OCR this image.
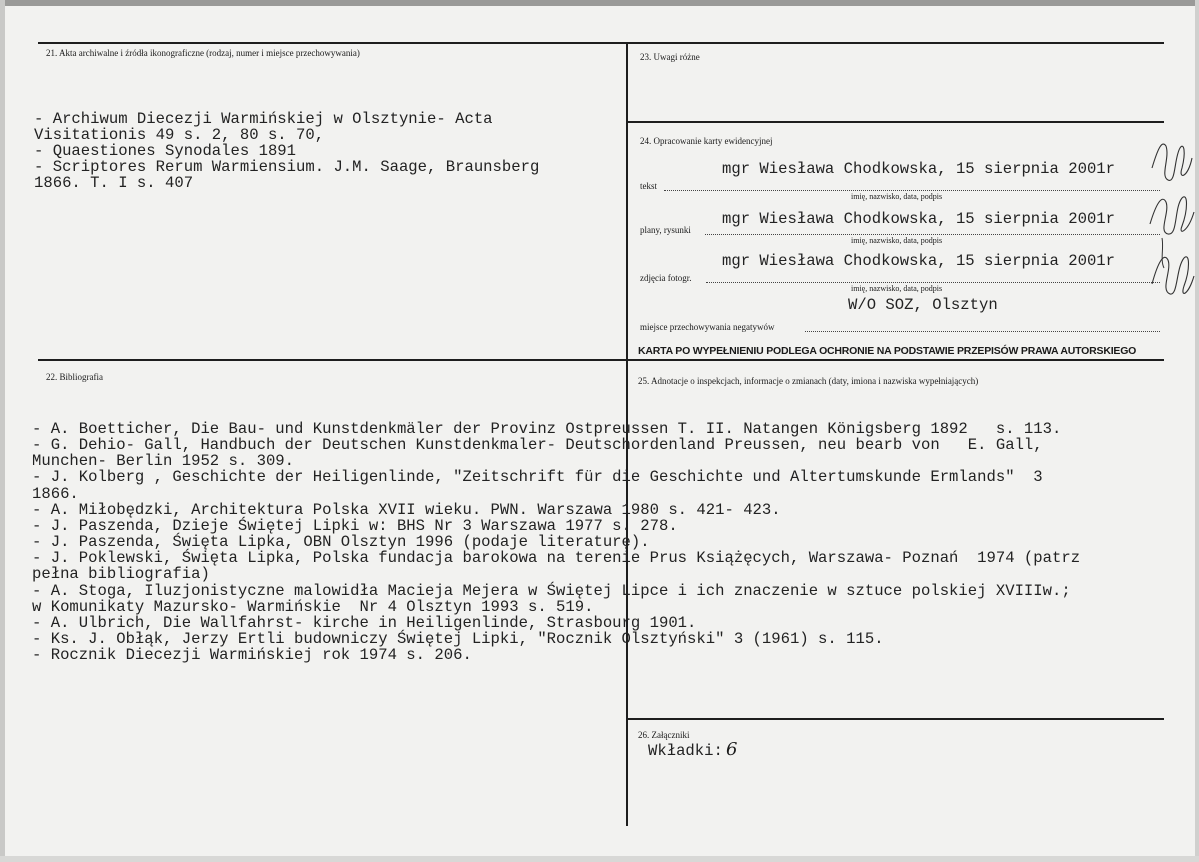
21. Akta archiwalne i źródła ikonograficzne (rodzaj, numer i miejsce przechowywania)
- Archiwum Diecezji Warmińskiej w Olsztynie- Acta
Visitationis 49 s. 2, 80 s. 70,
- Quaestiones Synodales 1891
- Scriptores Rerum Warmiensium. J.M. Saage, Braunsberg
1866. T. I s. 407
23. Uwagi różne
24. Opracowanie karty ewidencyjnej
mgr Wiesława Chodkowska, 15 sierpnia 2001r
tekst
imię, nazwisko, data, podpis
mgr Wiesława Chodkowska, 15 sierpnia 2001r
plany, rysunki
imię, nazwisko, data, podpis
mgr Wiesława Chodkowska, 15 sierpnia 2001r
zdjęcia fotogr.
imię, nazwisko, data, podpis
W/O SOZ, Olsztyn
miejsce przechowywania negatywów
KARTA PO WYPEŁNIENIU PODLEGA OCHRONIE NA PODSTAWIE PRZEPISÓW PRAWA AUTORSKIEGO
22. Bibliografia
- A. Boetticher, Die Bau- und Kunstdenkmäler der Provinz Ostpreussen T. II. Natangen Königsberg 1892   s. 113.
- G. Dehio- Gall, Handbuch der Deutschen Kunstdenkmaler- Deutschordenland Preussen, neu bearb von   E. Gall,
Munchen- Berlin 1952 s. 309.
- J. Kolberg , Geschichte der Heiligenlinde, "Zeitschrift für die Geschichte und Altertumskunde Ermlands"  3
1866.
- A. Miłobędzki, Architektura Polska XVII wieku. PWN. Warszawa 1980 s. 421- 423.
- J. Paszenda, Dzieje Świętej Lipki w: BHS Nr 3 Warszawa 1977 s. 278.
- J. Paszenda, Święta Lipka, OBN Olsztyn 1996 (podaje literaturę).
- J. Poklewski, Święta Lipka, Polska fundacja barokowa na terenie Prus Książęcych, Warszawa- Poznań  1974 (patrz
pełna bibliografia)
- A. Stoga, Iluzjonistyczne malowidła Macieja Mejera w Świętej Lipce i ich znaczenie w sztuce polskiej XVIIIw.;
w Komunikaty Mazursko- Warmińskie  Nr 4 Olsztyn 1993 s. 519.
- A. Ulbrich, Die Wallfahrst- kirche in Heiligenlinde, Strasbourg 1901.
- Ks. J. Obłąk, Jerzy Ertli budowniczy Świętej Lipki, "Rocznik Olsztyński" 3 (1961) s. 115.
- Rocznik Diecezji Warmińskiej rok 1974 s. 206.
25. Adnotacje o inspekcjach, informacje o zmianach (daty, imiona i nazwiska wypełniających)
26. Załączniki
Wkładki: 6
